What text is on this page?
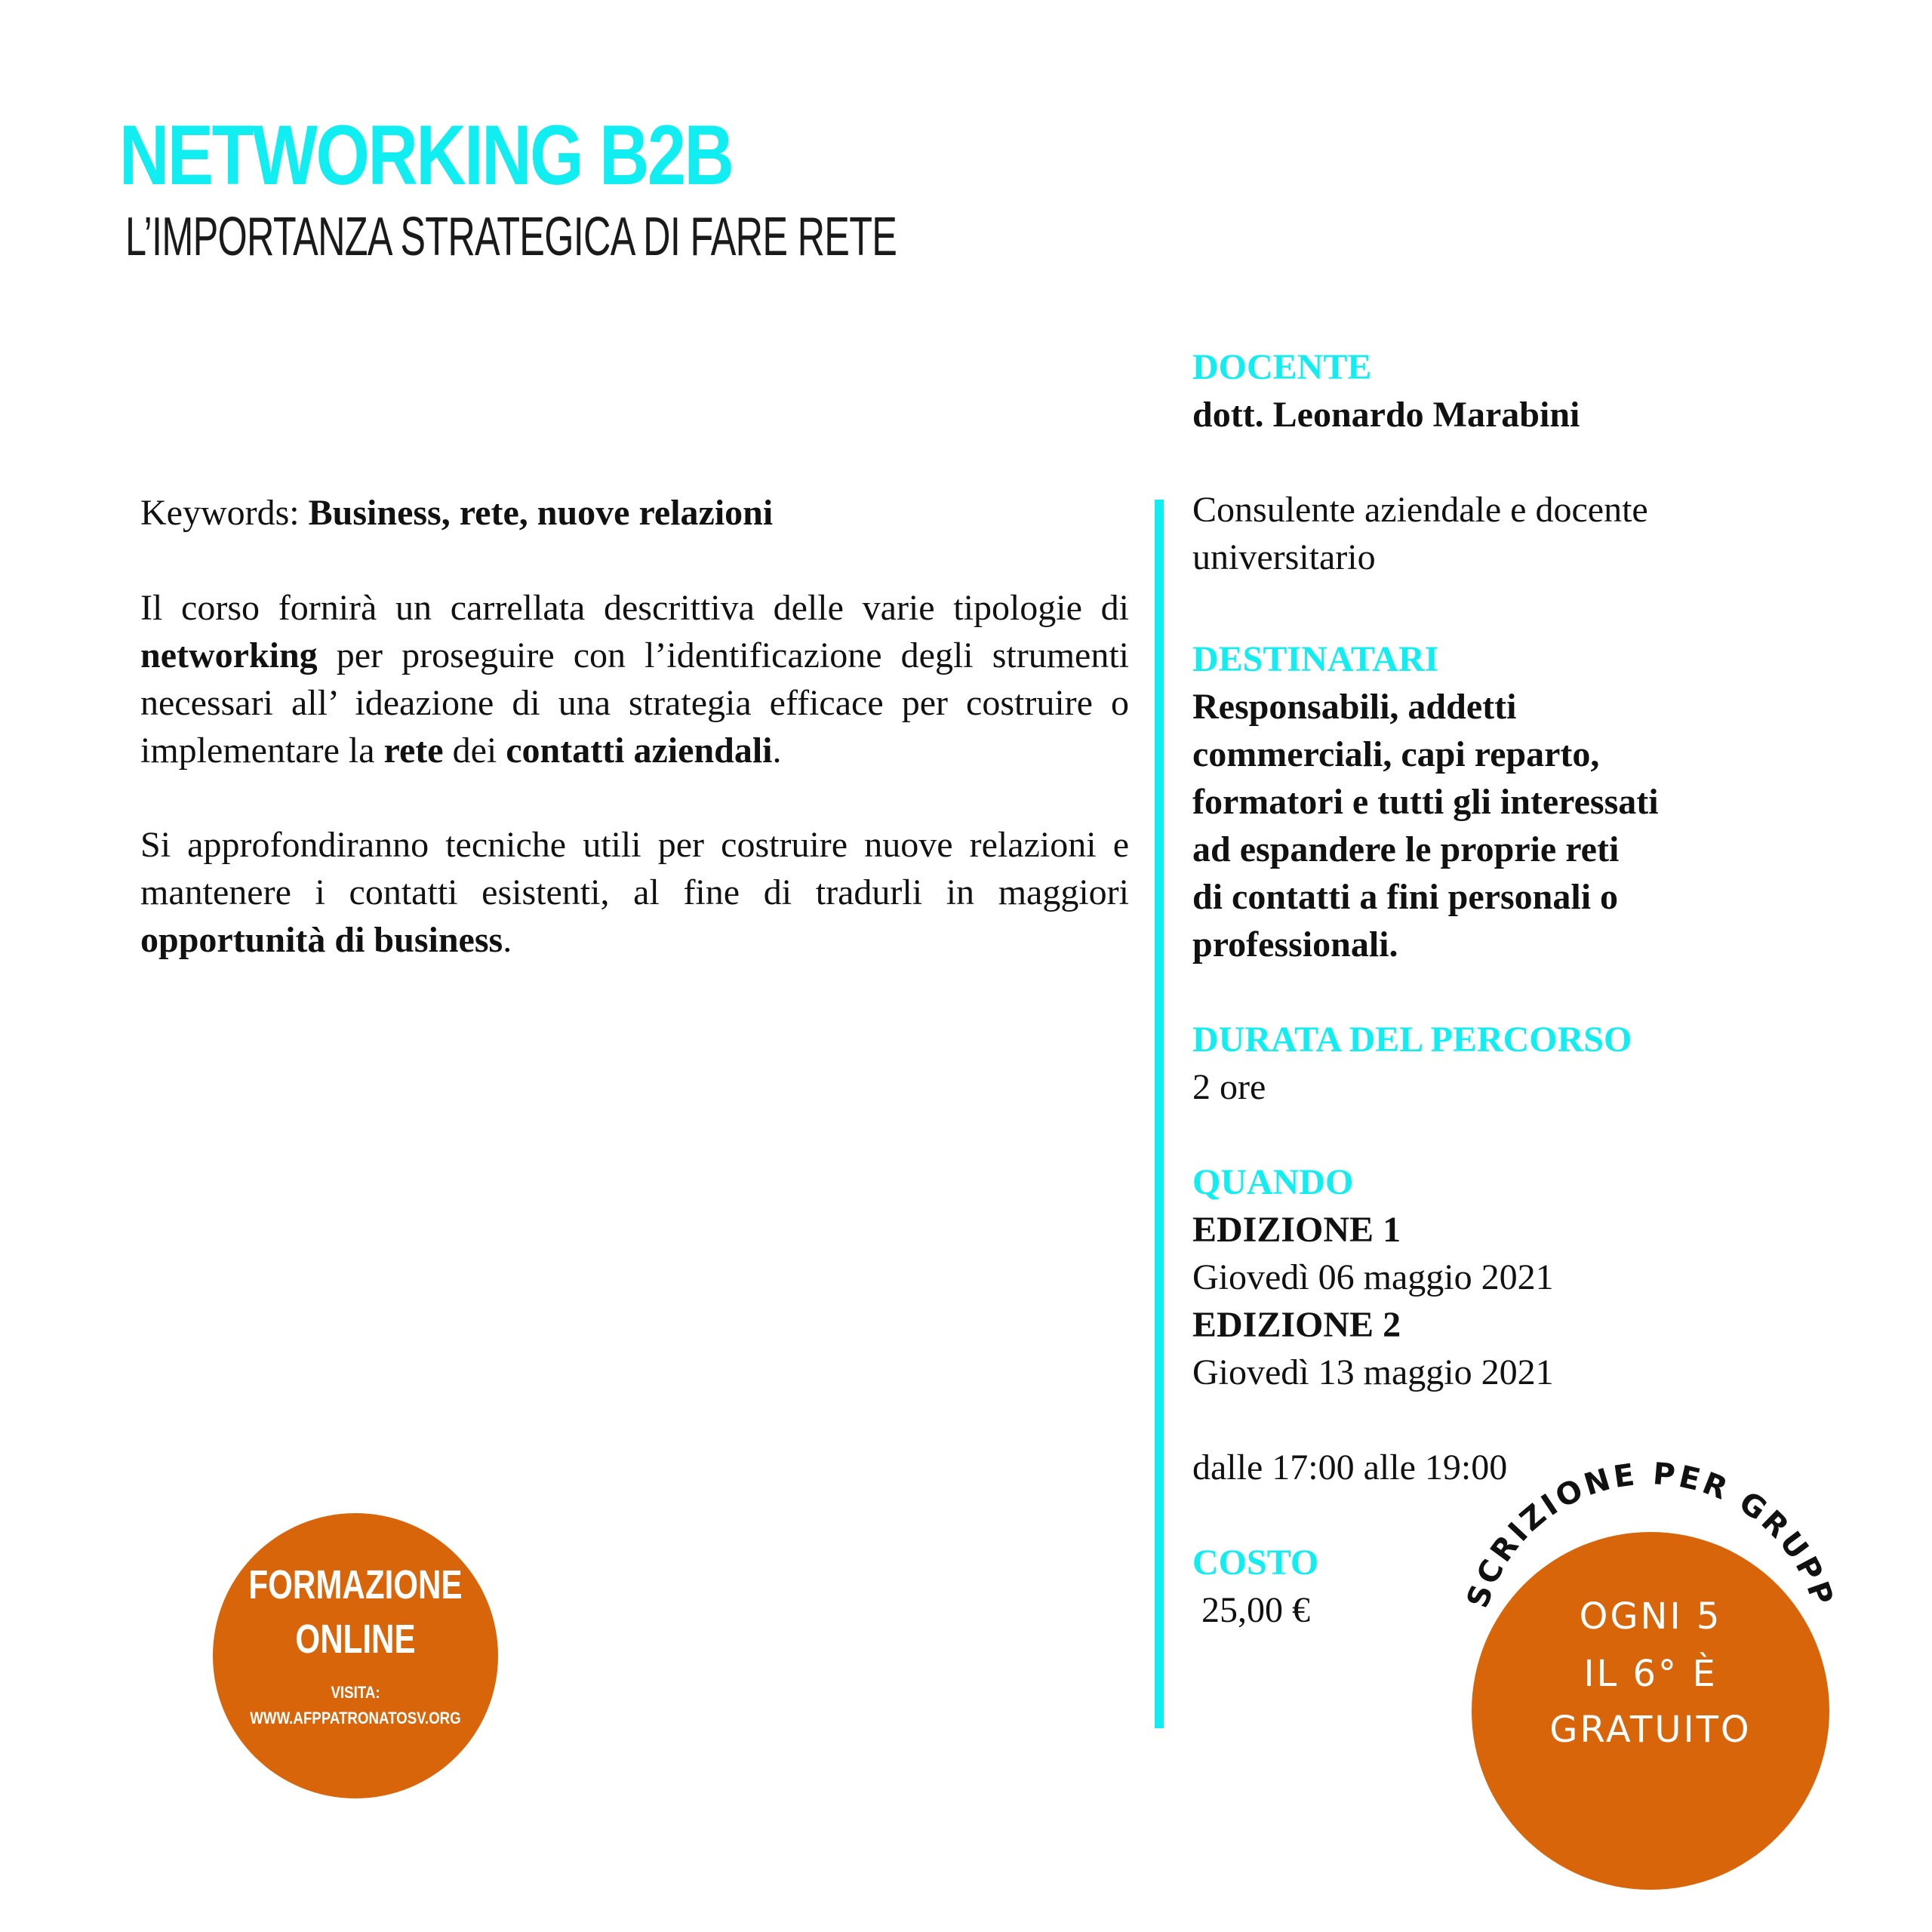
NETWORKING B2B
L’IMPORTANZA STRATEGICA DI FARE RETE
Keywords: Business, rete, nuove relazioni
Il corso fornirà un carrellata descrittiva delle varie tipologie di networking per proseguire con l’identificazione degli strumenti necessari all’ ideazione di una strategia efficace per costruire o implementare la rete dei contatti aziendali.
Si approfondiranno tecniche utili per costruire nuove relazioni e mantenere i contatti esistenti, al fine di tradurli in maggiori opportunità di business.
DOCENTE
dott. Leonardo Marabini
Consulente aziendale e docente
universitario
DESTINATARI
Responsabili, addetti
commerciali, capi reparto,
formatori e tutti gli interessati
ad espandere le proprie reti
di contatti a fini personali o
professionali.
DURATA DEL PERCORSO
2 ore
QUANDO
EDIZIONE 1
Giovedì 06 maggio 2021
EDIZIONE 2
Giovedì 13 maggio 2021
dalle 17:00 alle 19:00
COSTO
25,00 €
FORMAZIONE
ONLINE
VISITA:
WWW.AFPPATRONATOSV.ORG
ISCRIZIONE PER GRUPPI
OGNI 5
IL 6° È
GRATUITO
